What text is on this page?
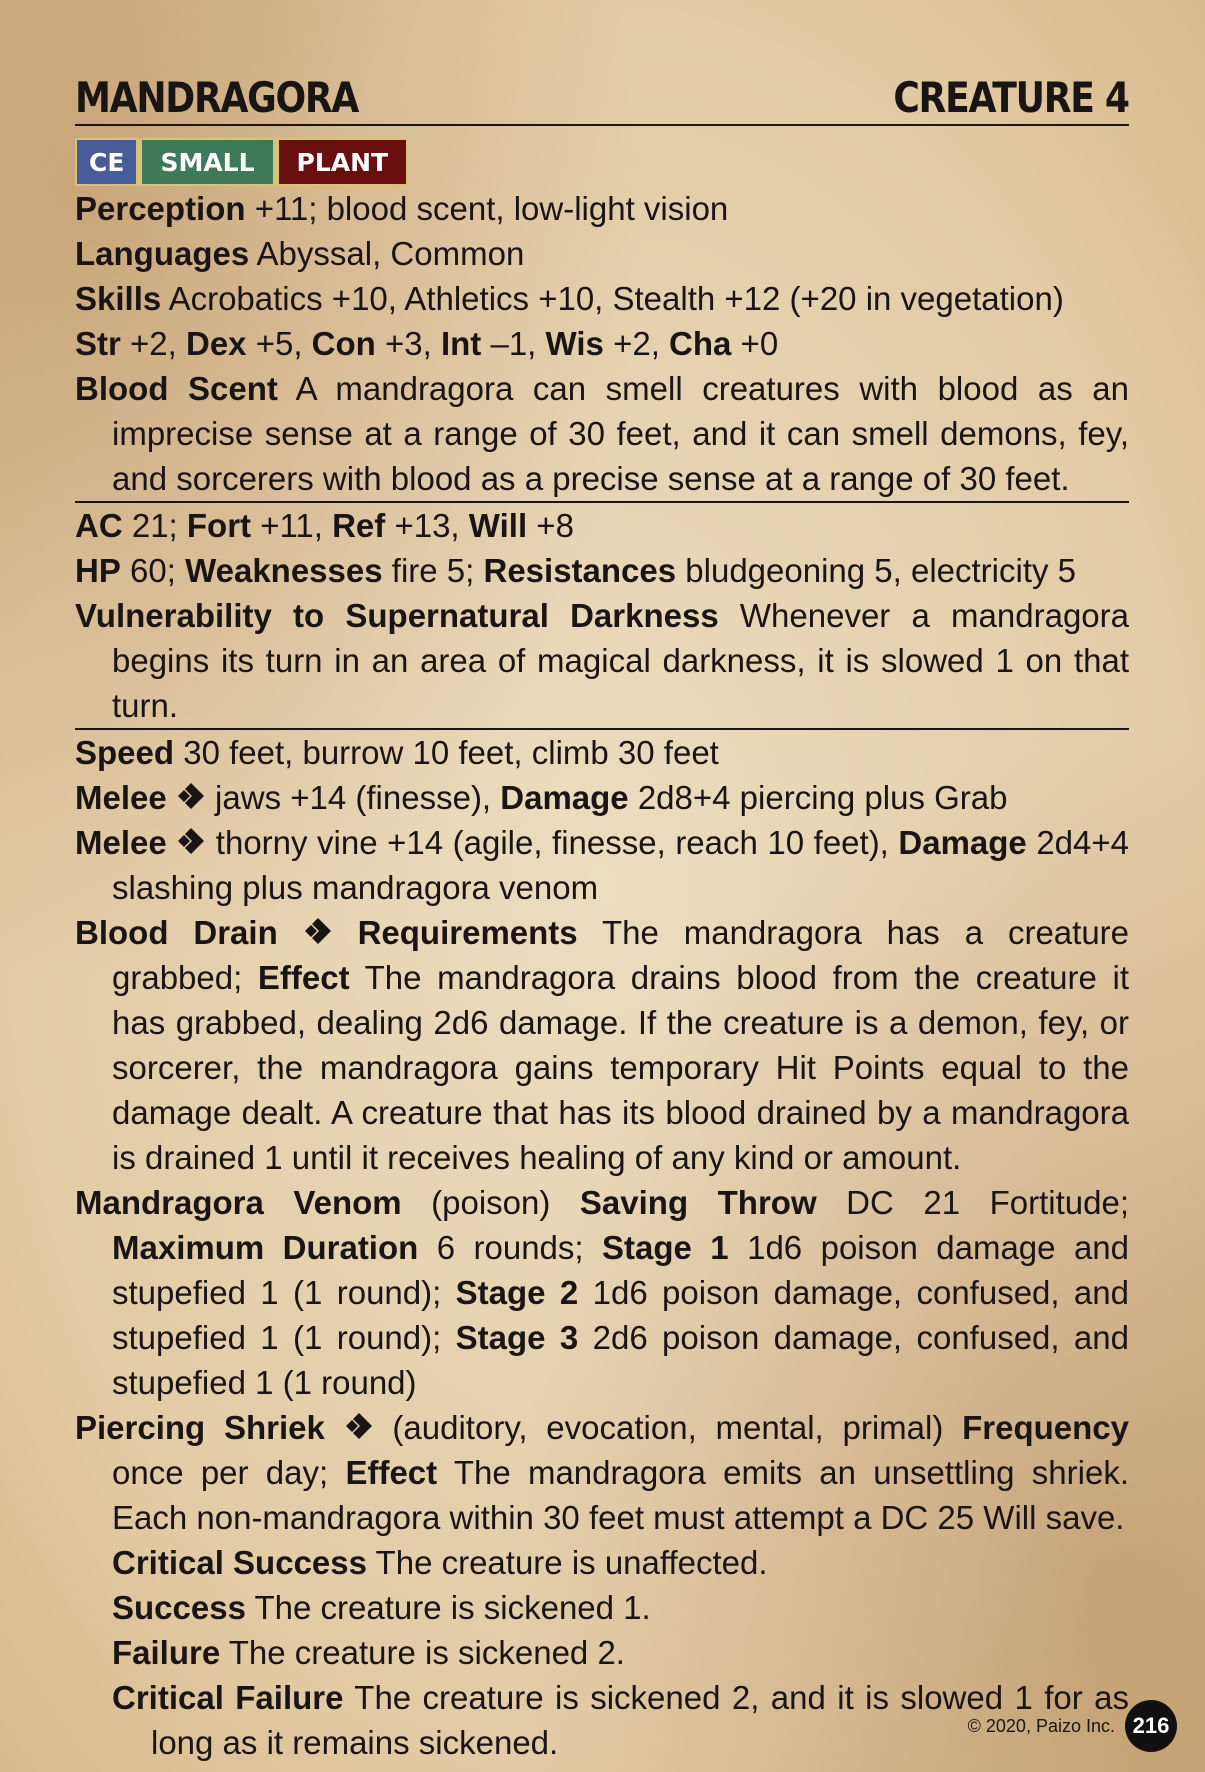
MANDRAGORA	CREATURE 4
CE	SMALL	PLANT
Perception +11; blood scent, low-light vision
Languages Abyssal, Common
Skills Acrobatics +10, Athletics +10, Stealth +12 (+20 in vegetation)
Str +2, Dex +5, Con +3, Int –1, Wis +2, Cha +0
Blood Scent A mandragora can smell creatures with blood as an imprecise sense at a range of 30 feet, and it can smell demons, fey, and sorcerers with blood as a precise sense at a range of 30 feet.
AC 21; Fort +11, Ref +13, Will +8
HP 60; Weaknesses fire 5; Resistances bludgeoning 5, electricity 5
Vulnerability to Supernatural Darkness Whenever a mandragora begins its turn in an area of magical darkness, it is slowed 1 on that turn.
Speed 30 feet, burrow 10 feet, climb 30 feet
Melee  jaws +14 (finesse), Damage 2d8+4 piercing plus Grab
Melee  thorny vine +14 (agile, finesse, reach 10 feet), Damage 2d4+4 slashing plus mandragora venom
Blood Drain Requirements The mandragora has a creature grabbed; Effect The mandragora drains blood from the creature it has grabbed, dealing 2d6 damage. If the creature is a demon, fey, or sorcerer, the mandragora gains temporary Hit Points equal to the damage dealt. A creature that has its blood drained by a mandragora is drained 1 until it receives healing of any kind or amount.
Mandragora Venom (poison) Saving Throw DC 21 Fortitude; Maximum Duration 6 rounds; Stage 1 1d6 poison damage and stupefied 1 (1 round); Stage 2 1d6 poison damage, confused, and stupefied 1 (1 round); Stage 3 2d6 poison damage, confused, and stupefied 1 (1 round)
Piercing Shriek  (auditory, evocation, mental, primal) Frequency once per day; Effect The mandragora emits an unsettling shriek. Each non-mandragora within 30 feet must attempt a DC 25 Will save.
Critical Success The creature is unaffected.
Success The creature is sickened 1.
Failure The creature is sickened 2.
Critical Failure The creature is sickened 2, and it is slowed 1 for as long as it remains sickened.	© 2020, Paizo Inc. 216
